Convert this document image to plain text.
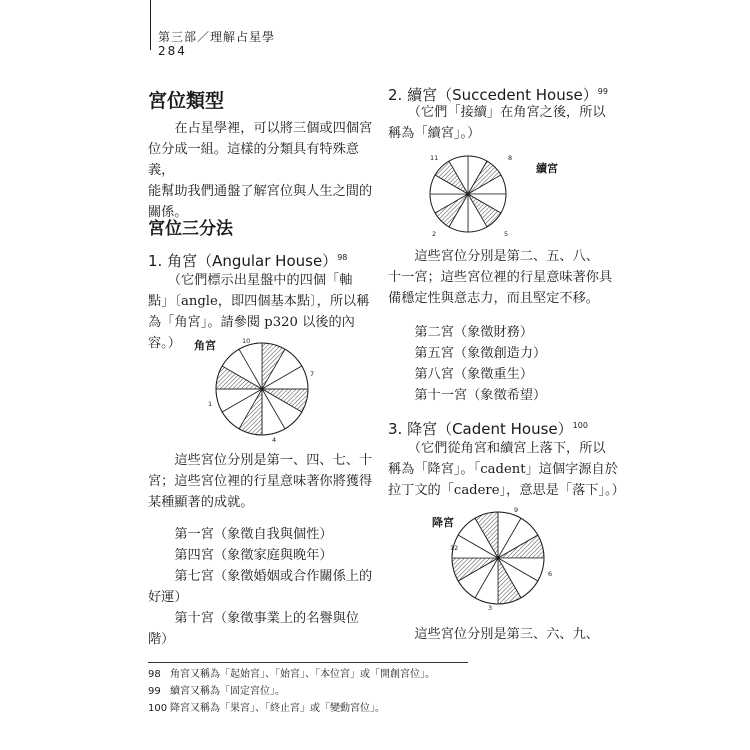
第三部／理解占星學
284
宮位類型
　　在占星學裡，可以將三個或四個宮
位分成一組。這樣的分類具有特殊意義，
能幫助我們通盤了解宮位與人生之間的
關係。
宮位三分法
1. 角宮（Angular House）$^{98}$
　　（它們標示出星盤中的四個「軸
點」〔angle，即四個基本點〕，所以稱
為「角宮」。請參閱 p320 以後的內容。）	角宮	10
7
1
4
　　這些宮位分別是第一、四、七、十
宮；這些宮位裡的行星意味著你將獲得
某種顯著的成就。
　　第一宮（象徵自我與個性）
　　第四宮（象徵家庭與晚年）
　　第七宮（象徵婚姻或合作關係上的
好運）
　　第十宮（象徵事業上的名譽與位
階）
2. 續宮（Succedent House）$^{99}$
　　（它們「接續」在角宮之後，所以
稱為「續宮」。）
11	8
2	5
續宮
　　這些宮位分別是第二、五、八、
十一宮；這些宮位裡的行星意味著你具
備穩定性與意志力，而且堅定不移。
　　第二宮（象徵財務）
　　第五宮（象徵創造力）
　　第八宮（象徵重生）
　　第十一宮（象徵希望）
3. 降宮（Cadent House）$^{100}$
　　（它們從角宮和續宮上落下，所以
稱為「降宮」。「cadent」這個字源自於
拉丁文的「cadere」，意思是「落下」。）
降宮
9
12
6
3
　　這些宮位分別是第三、六、九、
98 角宮又稱為「起始宮」、「始宮」、「本位宮」或「開創宮位」。
99 續宮又稱為「固定宮位」。
100 降宮又稱為「果宮」、「終止宮」或「變動宮位」。
